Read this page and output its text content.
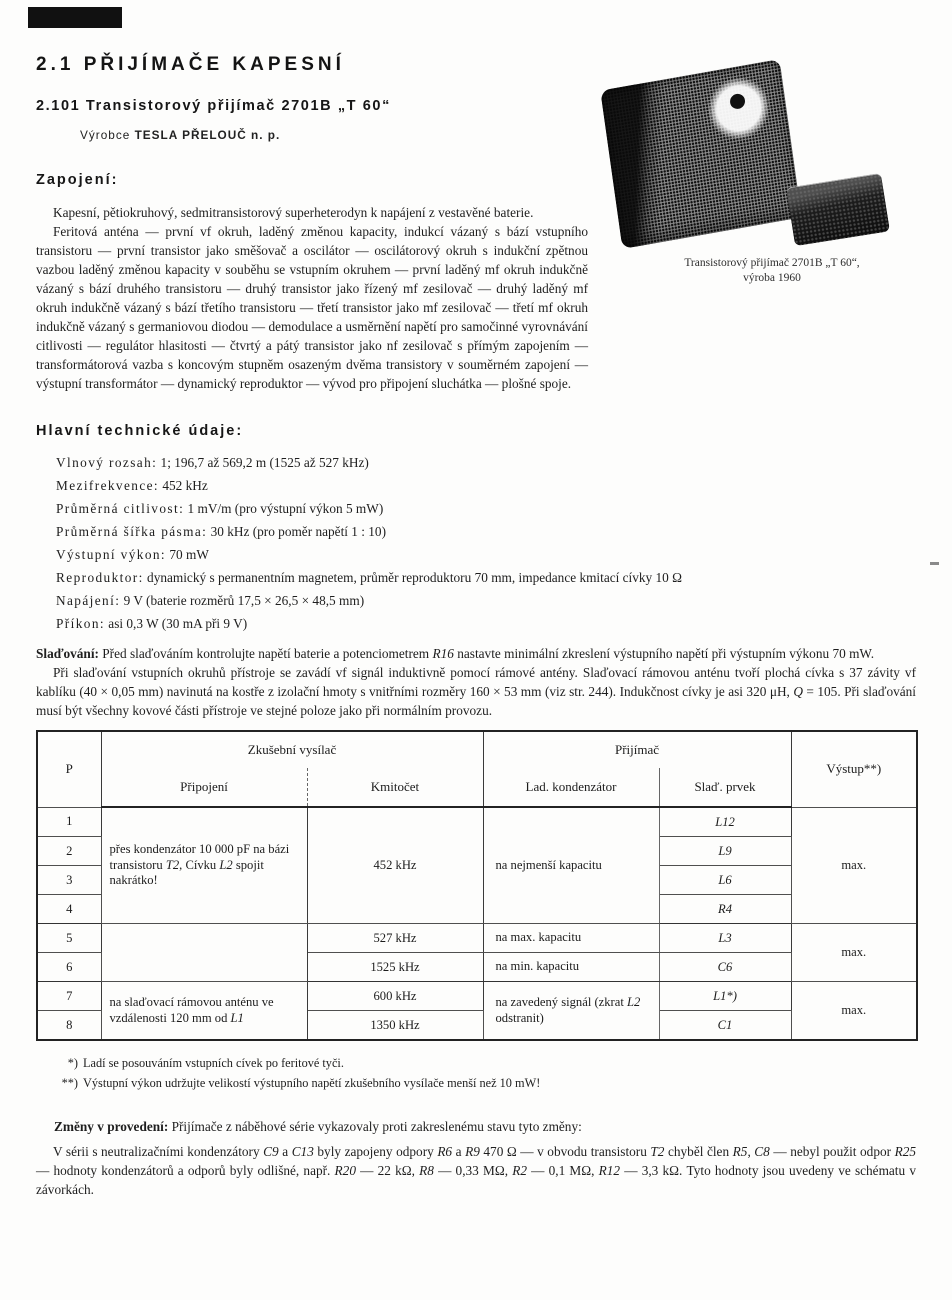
2.1 PŘIJÍMAČE KAPESNÍ
2.101 Transistorový přijímač 2701B „T 60“
Výrobce TESLA PŘELOUČ n. p.
Transistorový přijímač 2701B „T 60“,
výroba 1960
Zapojení:

Kapesní, pětiokruhový, sedmitransistorový superheterodyn k napájení z vestavěné baterie.

Feritová anténa — první vf okruh, laděný změnou kapacity, indukcí vázaný s bází vstupního transistoru — první transistor jako směšovač a oscilátor — oscilátorový okruh s indukční zpětnou vazbou laděný změnou kapacity v souběhu se vstupním okruhem — první laděný mf okruh indukčně vázaný s bází druhého transistoru — druhý transistor jako řízený mf zesilovač — druhý laděný mf okruh indukčně vázaný s bází třetího transistoru — třetí transistor jako mf zesilovač — třetí mf okruh indukčně vázaný s germaniovou diodou — demodulace a usměrnění napětí pro samočinné vyrovnávání citlivosti — regulátor hlasitosti — čtvrtý a pátý transistor jako nf zesilovač s přímým zapojením — transformátorová vazba s koncovým stupněm osazeným dvěma transistory v souměrném zapojení — výstupní transformátor — dynamický reproduktor — vývod pro připojení sluchátka — plošné spoje.

Hlavní technické údaje:
Vlnový rozsah: 1; 196,7 až 569,2 m (1525 až 527 kHz)
Mezifrekvence: 452 kHz
Průměrná citlivost: 1 mV/m (pro výstupní výkon 5 mW)
Průměrná šířka pásma: 30 kHz (pro poměr napětí 1 : 10)
Výstupní výkon: 70 mW
Reproduktor: dynamický s permanentním magnetem, průměr reproduktoru 70 mm, impedance kmitací cívky 10 Ω
Napájení: 9 V (baterie rozměrů 17,5 × 26,5 × 48,5 mm)
Příkon: asi 0,3 W (30 mA při 9 V)

Slaďování: Před slaďováním kontrolujte napětí baterie a potenciometrem R16 nastavte minimální zkreslení výstupního napětí při výstupním výkonu 70 mW.

Při slaďování vstupních okruhů přístroje se zavádí vf signál induktivně pomocí rámové antény. Slaďovací rámovou anténu tvoří plochá cívka s 37 závity vf kablíku (40 × 0,05 mm) navinutá na kostře z izolační hmoty s vnitřními rozměry 160 × 53 mm (viz str. 244). Indukčnost cívky je asi 320 μH, Q = 105. Při slaďování musí být všechny kovové části přístroje ve stejné poloze jako při normálním provozu.

P	Zkušební vysílač		Přijímač		Výstup**)
	Připojení	Kmitočet	Lad. kondenzátor	Slaď. prvek	
1	přes kondenzátor 10 000 pF na bázi transistoru T2, Cívku L2 spojit nakrátko!	452 kHz	na nejmenší kapacitu	L12	max.
2				L9	
3				L6	
4				R4	
5		527 kHz	na max. kapacitu	L3	max.
6		1525 kHz	na min. kapacitu	C6	
7	na slaďovací rámovou anténu ve vzdálenosti 120 mm od L1	600 kHz	na zavedený signál (zkrat L2 odstranit)	L1*)	max.
8		1350 kHz		C1	
*) Ladí se posouváním vstupních cívek po feritové tyči.
**) Výstupní výkon udržujte velikostí výstupního napětí zkušebního vysílače menší než 10 mW!
Změny v provedení: Přijímače z náběhové série vykazovaly proti zakreslenému stavu tyto změny:

V sérii s neutralizačními kondenzátory C9 a C13 byly zapojeny odpory R6 a R9 470 Ω — v obvodu transistoru T2 chyběl člen R5, C8 — nebyl použit odpor R25 — hodnoty kondenzátorů a odporů byly odlišné, např. R20 — 22 kΩ, R8 — 0,33 MΩ, R2 — 0,1 MΩ, R12 — 3,3 kΩ. Tyto hodnoty jsou uvedeny ve schématu v závorkách.
